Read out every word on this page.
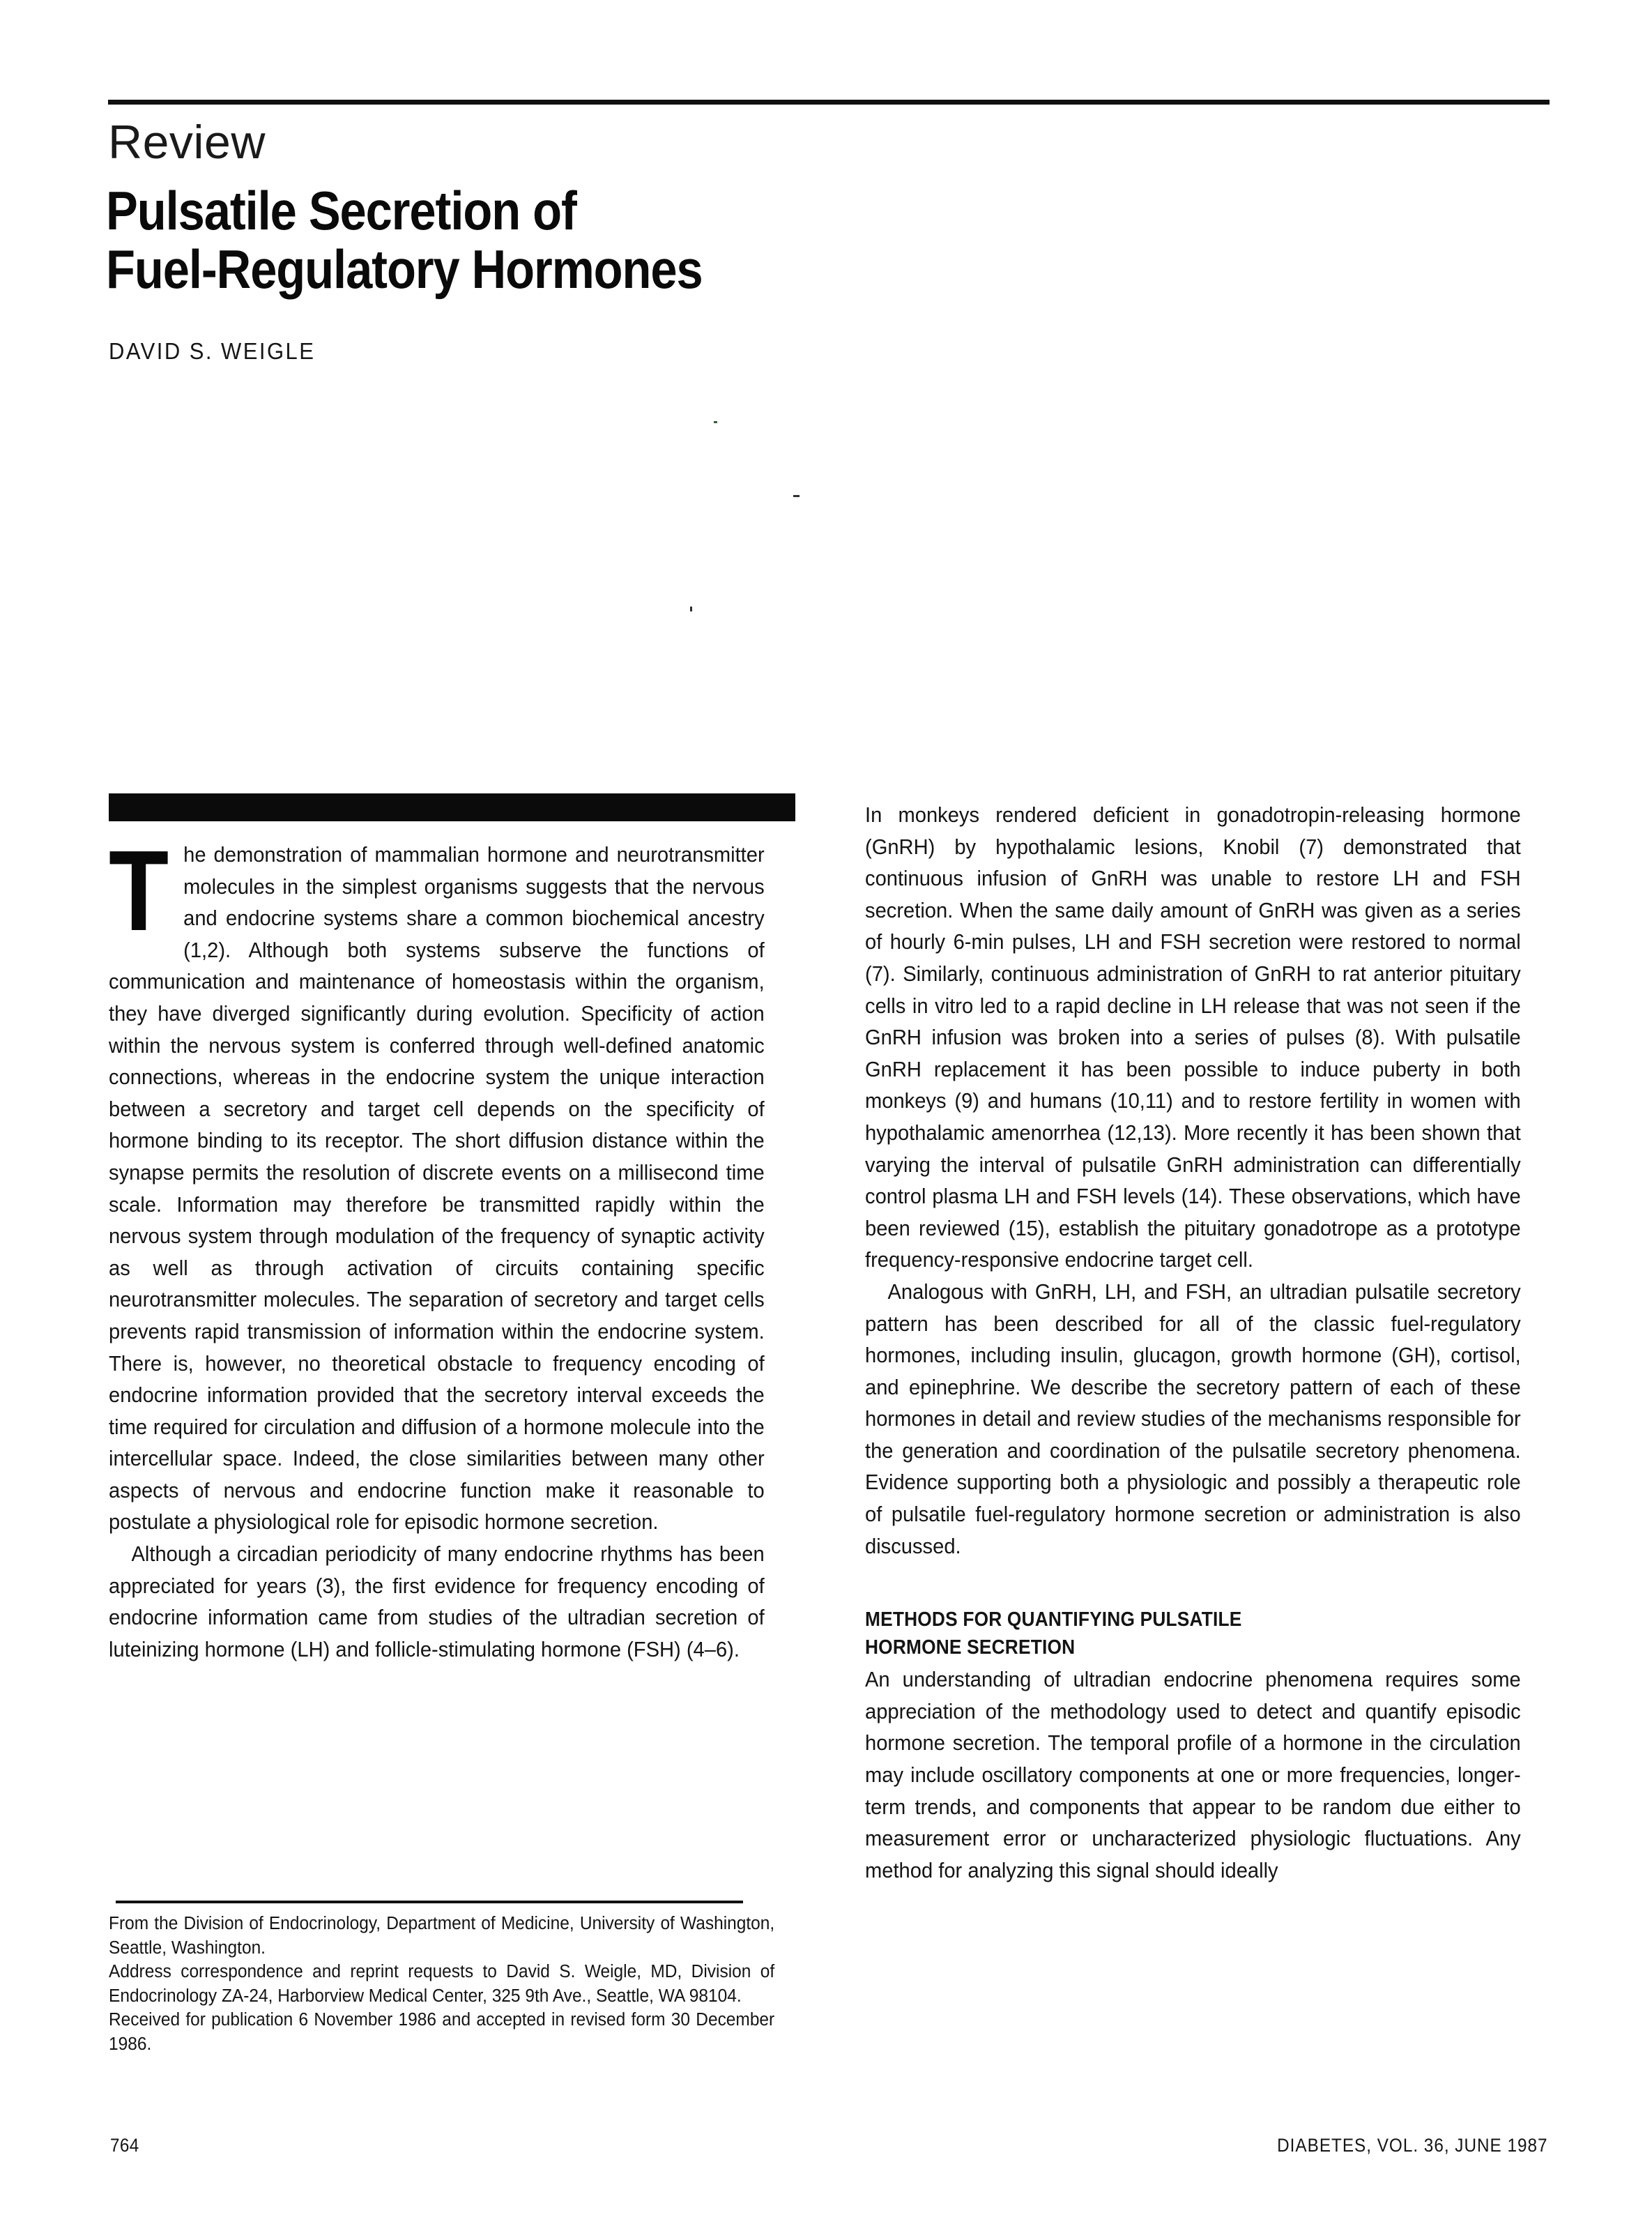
Review
Pulsatile Secretion of
Fuel-Regulatory Hormones
DAVID S. WEIGLE

The demonstration of mammalian hormone and neurotransmitter molecules in the simplest organisms suggests that the nervous and endocrine systems share a common biochemical ancestry (1,2). Although both systems subserve the functions of communication and maintenance of homeostasis within the organism, they have diverged significantly during evolution. Specificity of action within the nervous system is conferred through well-defined anatomic connections, whereas in the endocrine system the unique interaction between a secretory and target cell depends on the specificity of hormone binding to its receptor. The short diffusion distance within the synapse permits the resolution of discrete events on a millisecond time scale. Information may therefore be transmitted rapidly within the nervous system through modulation of the frequency of synaptic activity as well as through activation of circuits containing specific neurotransmitter molecules. The separation of secretory and target cells prevents rapid transmission of information within the endocrine system. There is, however, no theoretical obstacle to frequency encoding of endocrine information provided that the secretory interval exceeds the time required for circulation and diffusion of a hormone molecule into the intercellular space. Indeed, the close similarities between many other aspects of nervous and endocrine function make it reasonable to postulate a physiological role for episodic hormone secretion.

Although a circadian periodicity of many endocrine rhythms has been appreciated for years (3), the first evidence for frequency encoding of endocrine information came from studies of the ultradian secretion of luteinizing hormone (LH) and follicle-stimulating hormone (FSH) (4–6).

In monkeys rendered deficient in gonadotropin-releasing hormone (GnRH) by hypothalamic lesions, Knobil (7) demonstrated that continuous infusion of GnRH was unable to restore LH and FSH secretion. When the same daily amount of GnRH was given as a series of hourly 6-min pulses, LH and FSH secretion were restored to normal (7). Similarly, continuous administration of GnRH to rat anterior pituitary cells in vitro led to a rapid decline in LH release that was not seen if the GnRH infusion was broken into a series of pulses (8). With pulsatile GnRH replacement it has been possible to induce puberty in both monkeys (9) and humans (10,11) and to restore fertility in women with hypothalamic amenorrhea (12,13). More recently it has been shown that varying the interval of pulsatile GnRH administration can differentially control plasma LH and FSH levels (14). These observations, which have been reviewed (15), establish the pituitary gonadotrope as a prototype frequency-responsive endocrine target cell.

Analogous with GnRH, LH, and FSH, an ultradian pulsatile secretory pattern has been described for all of the classic fuel-regulatory hormones, including insulin, glucagon, growth hormone (GH), cortisol, and epinephrine. We describe the secretory pattern of each of these hormones in detail and review studies of the mechanisms responsible for the generation and coordination of the pulsatile secretory phenomena. Evidence supporting both a physiologic and possibly a therapeutic role of pulsatile fuel-regulatory hormone secretion or administration is also discussed.

METHODS FOR QUANTIFYING PULSATILE

HORMONE SECRETION

An understanding of ultradian endocrine phenomena requires some appreciation of the methodology used to detect and quantify episodic hormone secretion. The temporal profile of a hormone in the circulation may include oscillatory components at one or more frequencies, longer-term trends, and components that appear to be random due either to measurement error or uncharacterized physiologic fluctuations. Any method for analyzing this signal should ideally

From the Division of Endocrinology, Department of Medicine, University of Washington, Seattle, Washington.

Address correspondence and reprint requests to David S. Weigle, MD, Division of Endocrinology ZA-24, Harborview Medical Center, 325 9th Ave., Seattle, WA 98104.

Received for publication 6 November 1986 and accepted in revised form 30 December 1986.

764	DIABETES, VOL. 36, JUNE 1987
